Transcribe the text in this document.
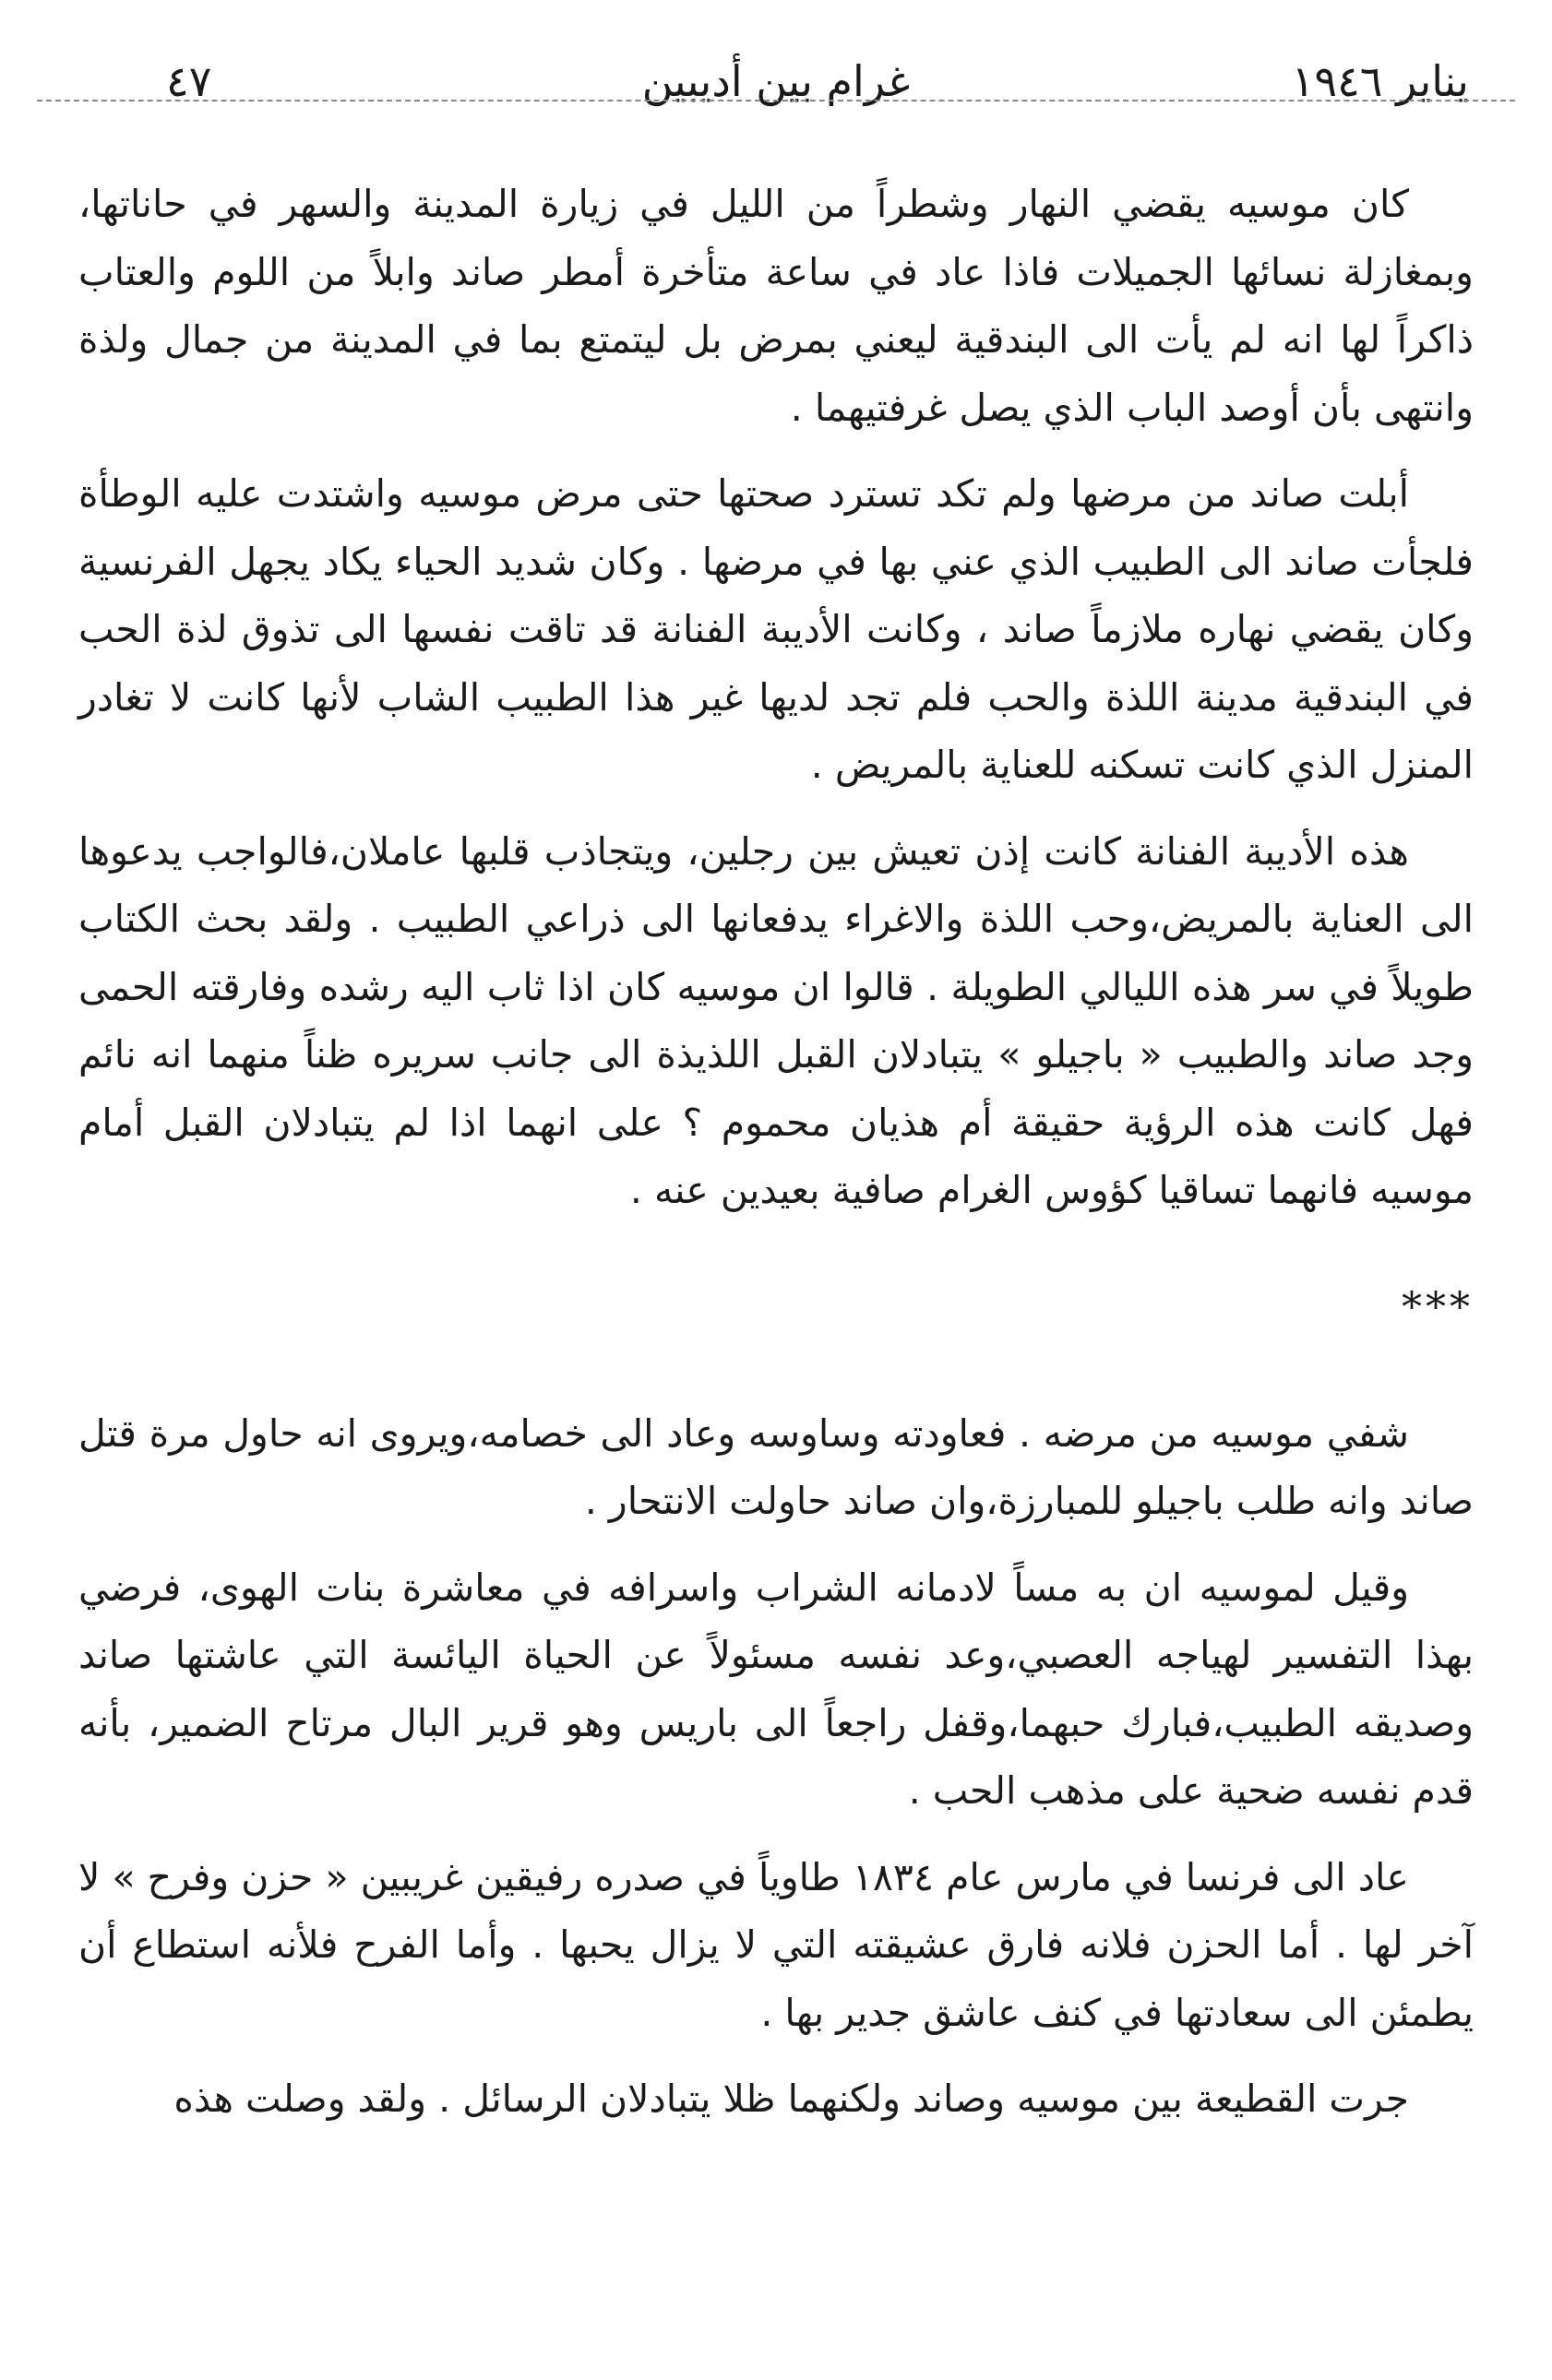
يناير ١٩٤٦
غرام بين أديبين
٤٧

كان موسيه يقضي النهار وشطراً من الليل في زيارة المدينة والسهر في حاناتها، وبمغازلة نسائها الجميلات فاذا عاد في ساعة متأخرة أمطر صاند وابلاً من اللوم والعتاب ذاكراً لها انه لم يأت الى البندقية ليعني بمرض بل ليتمتع بما في المدينة من جمال ولذة وانتهى بأن أوصد الباب الذي يصل غرفتيهما .

أبلت صاند من مرضها ولم تكد تسترد صحتها حتى مرض موسيه واشتدت عليه الوطأة فلجأت صاند الى الطبيب الذي عني بها في مرضها . وكان شديد الحياء يكاد يجهل الفرنسية وكان يقضي نهاره ملازماً صاند ، وكانت الأديبة الفنانة قد تاقت نفسها الى تذوق لذة الحب في البندقية مدينة اللذة والحب فلم تجد لديها غير هذا الطبيب الشاب لأنها كانت لا تغادر المنزل الذي كانت تسكنه للعناية بالمريض .

هذه الأديبة الفنانة كانت إذن تعيش بين رجلين، ويتجاذب قلبها عاملان،فالواجب يدعوها الى العناية بالمريض،وحب اللذة والاغراء يدفعانها الى ذراعي الطبيب . ولقد بحث الكتاب طويلاً في سر هذه الليالي الطويلة . قالوا ان موسيه كان اذا ثاب اليه رشده وفارقته الحمى وجد صاند والطبيب « باجيلو » يتبادلان القبل اللذيذة الى جانب سريره ظناً منهما انه نائم فهل كانت هذه الرؤية حقيقة أم هذيان محموم ؟ على انهما اذا لم يتبادلان القبل أمام موسيه فانهما تساقيا كؤوس الغرام صافية بعيدين عنه .

***

شفي موسيه من مرضه . فعاودته وساوسه وعاد الى خصامه،ويروى انه حاول مرة قتل صاند وانه طلب باجيلو للمبارزة،وان صاند حاولت الانتحار .

وقيل لموسيه ان به مساً لادمانه الشراب واسرافه في معاشرة بنات الهوى، فرضي بهذا التفسير لهياجه العصبي،وعد نفسه مسئولاً عن الحياة اليائسة التي عاشتها صاند وصديقه الطبيب،فبارك حبهما،وقفل راجعاً الى باريس وهو قرير البال مرتاح الضمير، بأنه قدم نفسه ضحية على مذهب الحب .

عاد الى فرنسا في مارس عام ١٨٣٤ طاوياً في صدره رفيقين غريبين « حزن وفرح » لا آخر لها . أما الحزن فلانه فارق عشيقته التي لا يزال يحبها . وأما الفرح فلأنه استطاع أن يطمئن الى سعادتها في كنف عاشق جدير بها .

جرت القطيعة بين موسيه وصاند ولكنهما ظلا يتبادلان الرسائل . ولقد وصلت هذه
